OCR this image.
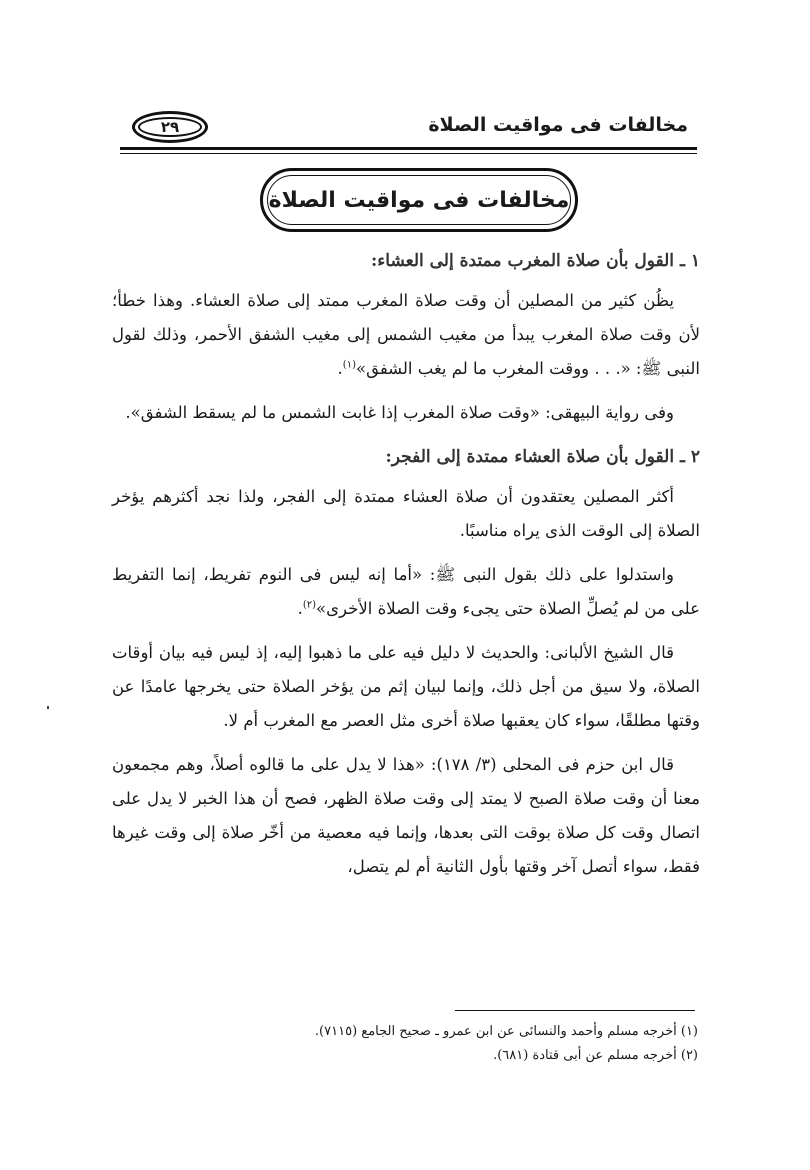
مخالفات فى مواقيت الصلاة
٢٩
مخالفات فى مواقيت الصلاة
١ ـ القول بأن صلاة المغرب ممتدة إلى العشاء:

يظُن كثير من المصلين أن وقت صلاة المغرب ممتد إلى صلاة العشاء. وهذا خطأ؛ لأن وقت صلاة المغرب يبدأ من مغيب الشمس إلى مغيب الشفق الأحمر، وذلك لقول النبى ﷺ: «. . . ووقت المغرب ما لم يغب الشفق»$^{(١)}$.

وفى رواية البيهقى: «وقت صلاة المغرب إذا غابت الشمس ما لم يسقط الشفق».

٢ ـ القول بأن صلاة العشاء ممتدة إلى الفجر:

أكثر المصلين يعتقدون أن صلاة العشاء ممتدة إلى الفجر، ولذا نجد أكثرهم يؤخر الصلاة إلى الوقت الذى يراه مناسبًا.

واستدلوا على ذلك بقول النبى ﷺ: «أما إنه ليس فى النوم تفريط، إنما التفريط على من لم يُصلِّ الصلاة حتى يجىء وقت الصلاة الأخرى»$^{(٢)}$.

قال الشيخ الألبانى: والحديث لا دليل فيه على ما ذهبوا إليه، إذ ليس فيه بيان أوقات الصلاة، ولا سيق من أجل ذلك، وإنما لبيان إثم من يؤخر الصلاة حتى يخرجها عامدًا عن وقتها مطلقًا، سواء كان يعقبها صلاة أخرى مثل العصر مع المغرب أم لا.

قال ابن حزم فى المحلى (٣/ ١٧٨): «هذا لا يدل على ما قالوه أصلاً، وهم مجمعون معنا أن وقت صلاة الصبح لا يمتد إلى وقت صلاة الظهر، فصح أن هذا الخبر لا يدل على اتصال وقت كل صلاة بوقت التى بعدها، وإنما فيه معصية من أخّر صلاة إلى وقت غيرها فقط، سواء أتصل آخر وقتها بأول الثانية أم لم يتصل،

(١) أخرجه مسلم وأحمد والنسائى عن ابن عمرو ـ صحيح الجامع (٧١١٥).
(٢) أخرجه مسلم عن أبى قتادة (٦٨١).
